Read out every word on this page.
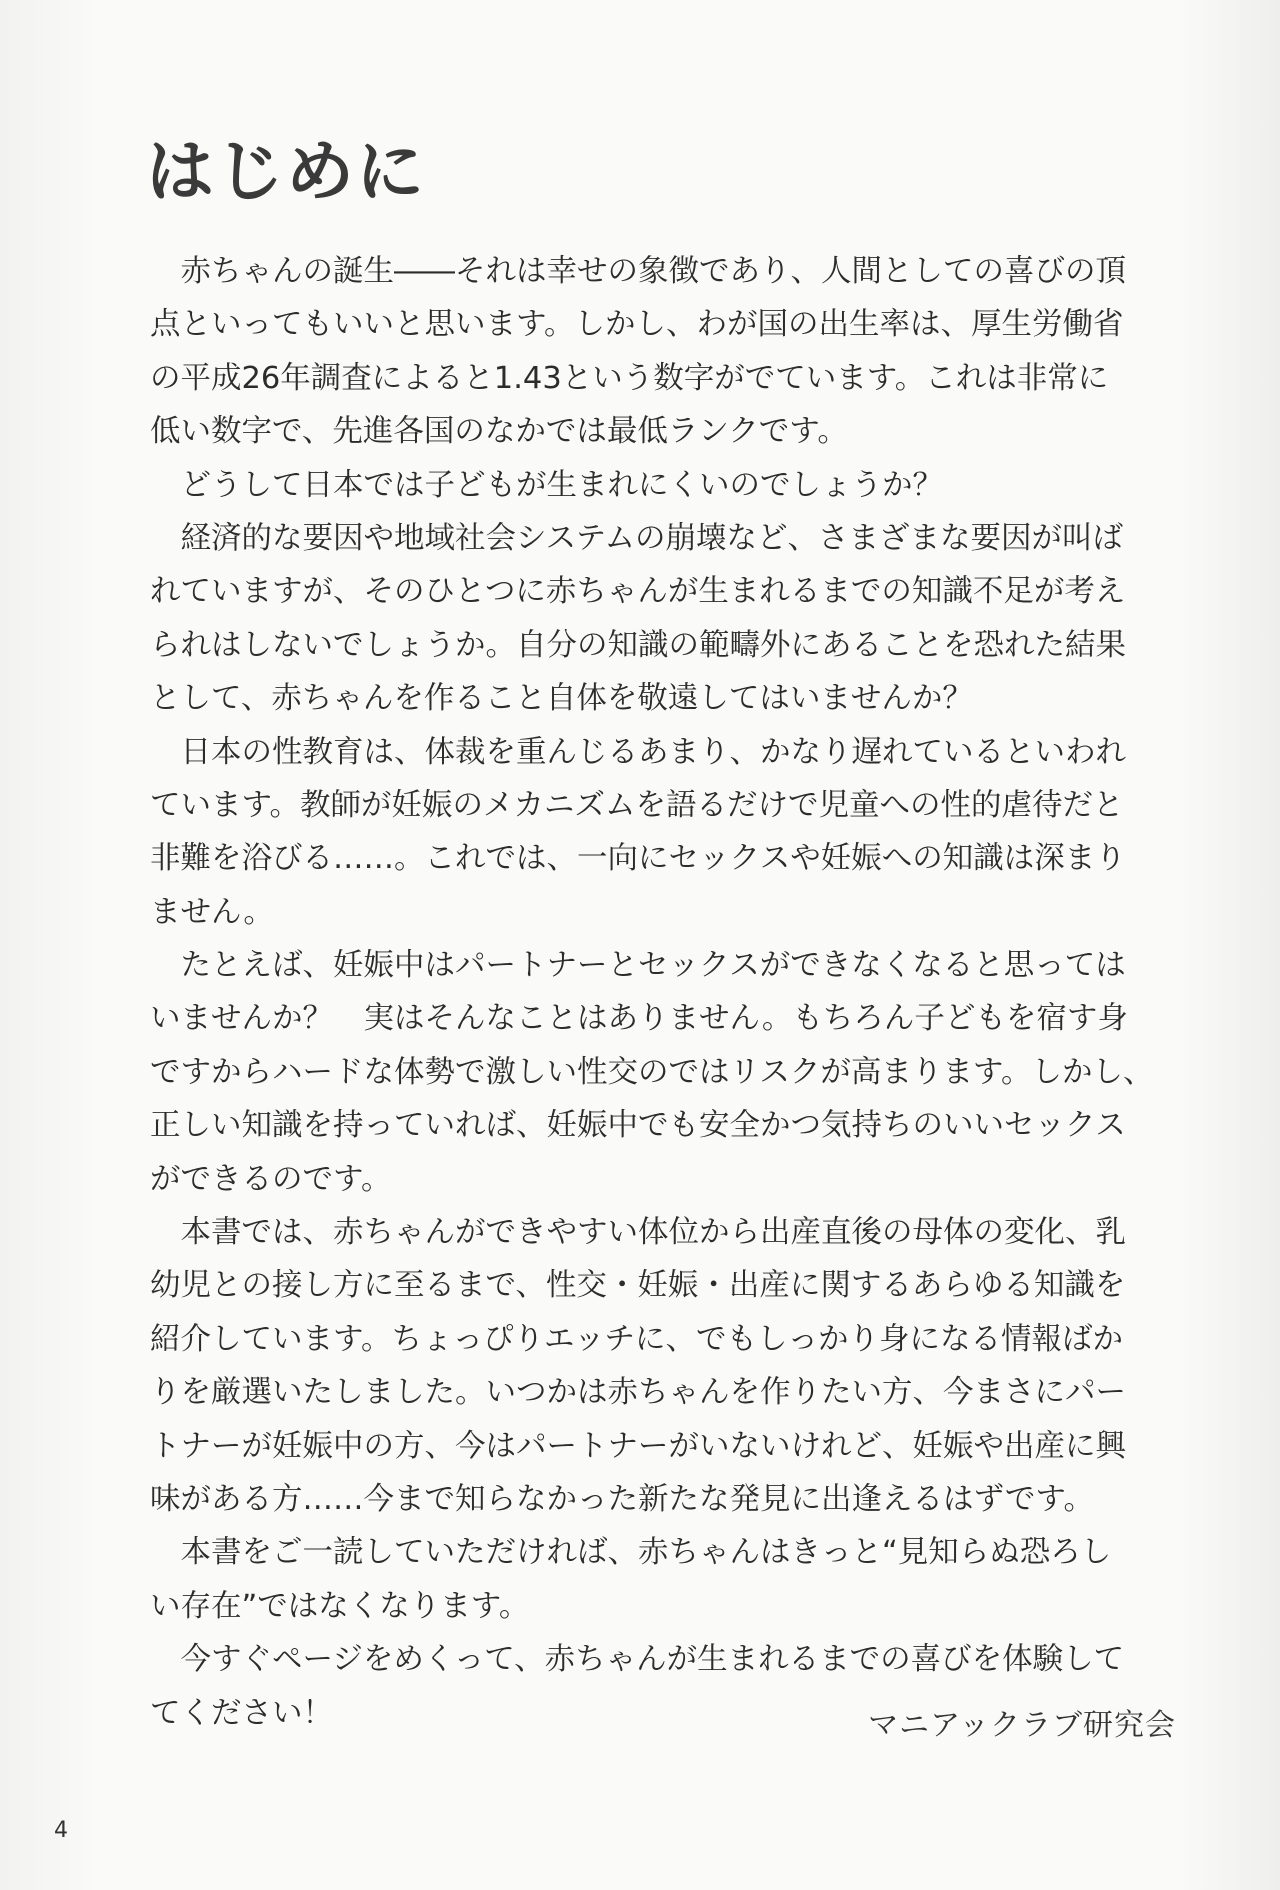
はじめに
　赤ちゃんの誕生――それは幸せの象徴であり、人間としての喜びの頂
点といってもいいと思います。しかし、わが国の出生率は、厚生労働省
の平成26年調査によると1.43という数字がでています。これは非常に
低い数字で、先進各国のなかでは最低ランクです。
　どうして日本では子どもが生まれにくいのでしょうか？
　経済的な要因や地域社会システムの崩壊など、さまざまな要因が叫ば
れていますが、そのひとつに赤ちゃんが生まれるまでの知識不足が考え
られはしないでしょうか。自分の知識の範疇外にあることを恐れた結果
として、赤ちゃんを作ること自体を敬遠してはいませんか？
　日本の性教育は、体裁を重んじるあまり、かなり遅れているといわれ
ています。教師が妊娠のメカニズムを語るだけで児童への性的虐待だと
非難を浴びる……。これでは、一向にセックスや妊娠への知識は深まり
ません。
　たとえば、妊娠中はパートナーとセックスができなくなると思っては
いませんか？　実はそんなことはありません。もちろん子どもを宿す身
ですからハードな体勢で激しい性交のではリスクが高まります。しかし、
正しい知識を持っていれば、妊娠中でも安全かつ気持ちのいいセックス
ができるのです。
　本書では、赤ちゃんができやすい体位から出産直後の母体の変化、乳
幼児との接し方に至るまで、性交・妊娠・出産に関するあらゆる知識を
紹介しています。ちょっぴりエッチに、でもしっかり身になる情報ばか
りを厳選いたしました。いつかは赤ちゃんを作りたい方、今まさにパー
トナーが妊娠中の方、今はパートナーがいないけれど、妊娠や出産に興
味がある方……今まで知らなかった新たな発見に出逢えるはずです。
　本書をご一読していただければ、赤ちゃんはきっと“見知らぬ恐ろし
い存在”ではなくなります。
　今すぐページをめくって、赤ちゃんが生まれるまでの喜びを体験して
てください！	マニアックラブ研究会
4
